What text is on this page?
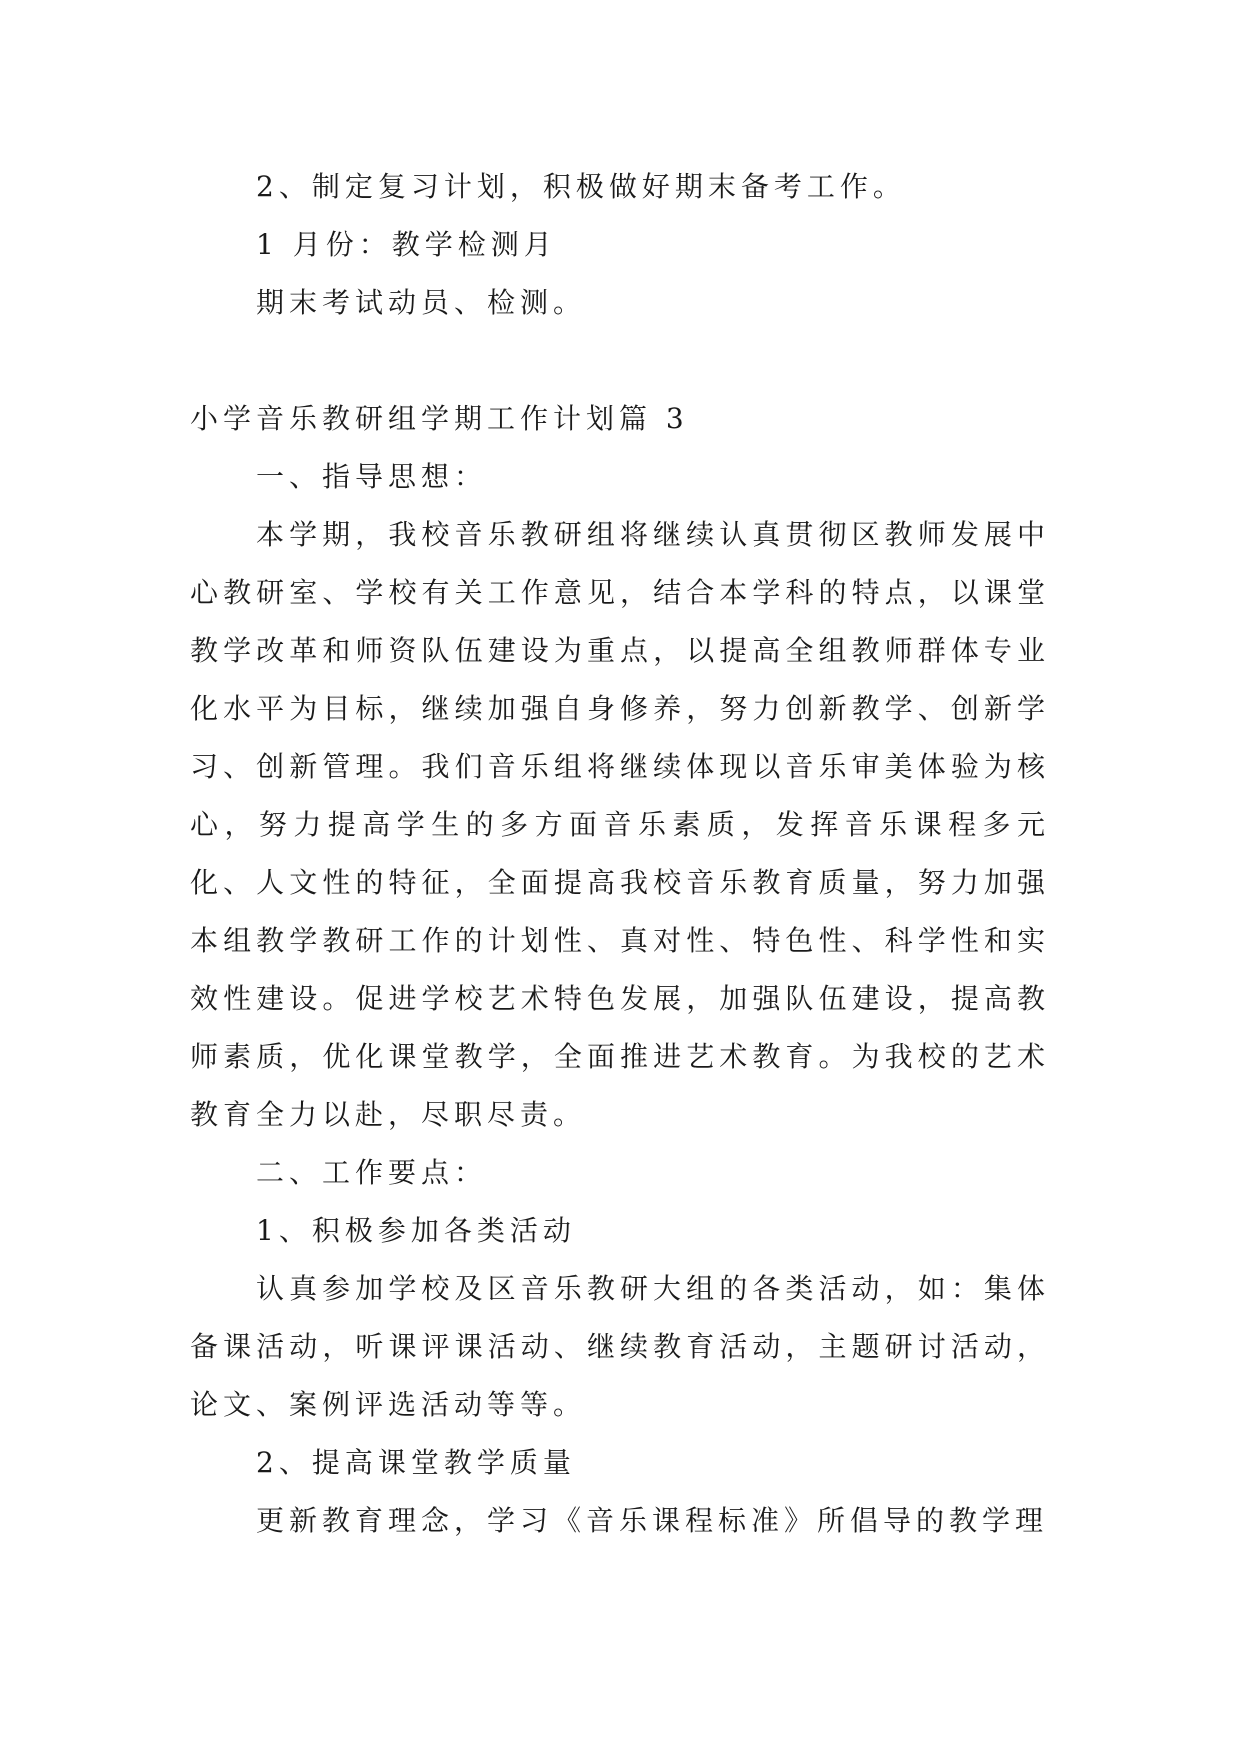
2、制定复习计划，积极做好期末备考工作。

1 月份：教学检测月

期末考试动员、检测。

小学音乐教研组学期工作计划篇 3

一、指导思想：

本学期，我校音乐教研组将继续认真贯彻区教师发展中心教研室、学校有关工作意见，结合本学科的特点，以课堂教学改革和师资队伍建设为重点，以提高全组教师群体专业化水平为目标，继续加强自身修养，努力创新教学、创新学习、创新管理。我们音乐组将继续体现以音乐审美体验为核心，努力提高学生的多方面音乐素质，发挥音乐课程多元化、人文性的特征，全面提高我校音乐教育质量，努力加强本组教学教研工作的计划性、真对性、特色性、科学性和实效性建设。促进学校艺术特色发展，加强队伍建设，提高教师素质，优化课堂教学，全面推进艺术教育。为我校的艺术教育全力以赴，尽职尽责。

二、工作要点：

1、积极参加各类活动

认真参加学校及区音乐教研大组的各类活动，如：集体备课活动，听课评课活动、继续教育活动，主题研讨活动，论文、案例评选活动等等。

2、提高课堂教学质量

更新教育理念，学习《音乐课程标准》所倡导的教学理
